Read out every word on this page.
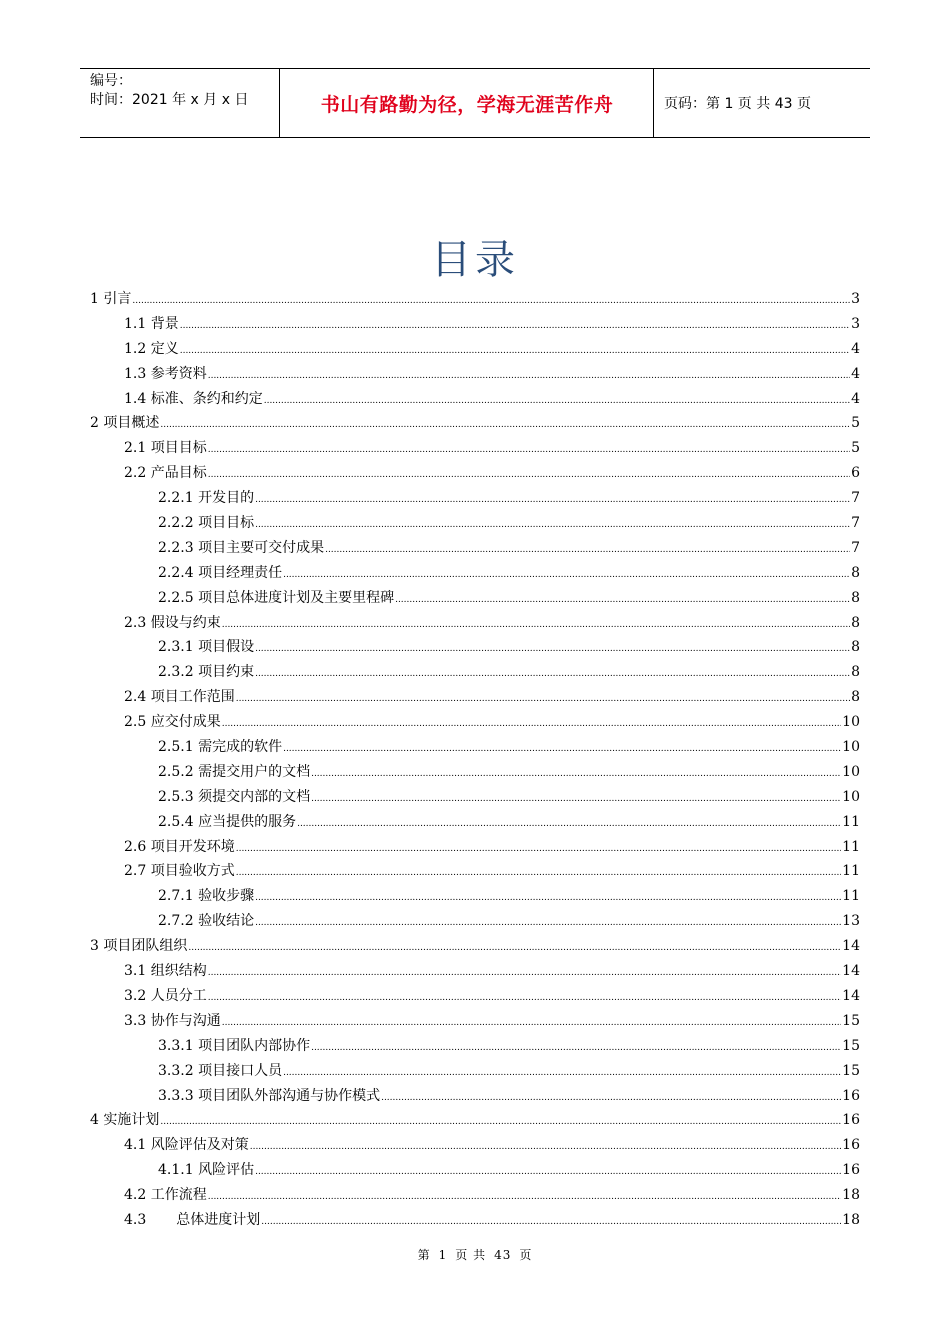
编号：
时间：2021 年 x 月 x 日	书山有路勤为径，学海无涯苦作舟	页码：第 1 页 共 43 页
目录
1 引言 .....	3
1.1 背景 .....	3
1.2 定义 .....	4
1.3 参考资料 .....	4
1.4 标准、条约和约定 .....	4
2 项目概述 .....	5
2.1 项目目标 .....	5
2.2 产品目标 .....	6
2.2.1 开发目的 .....	7
2.2.2 项目目标 .....	7
2.2.3 项目主要可交付成果 .....	7
2.2.4 项目经理责任 .....	8
2.2.5 项目总体进度计划及主要里程碑 .....	8
2.3 假设与约束 .....	8
2.3.1 项目假设 .....	8
2.3.2 项目约束 .....	8
2.4 项目工作范围 .....	8
2.5 应交付成果 .....	10
2.5.1 需完成的软件 .....	10
2.5.2 需提交用户的文档 .....	10
2.5.3 须提交内部的文档 .....	10
2.5.4 应当提供的服务 .....	11
2.6 项目开发环境 .....	11
2.7 项目验收方式 .....	11
2.7.1 验收步骤 .....	11
2.7.2 验收结论 .....	13
3 项目团队组织 .....	14
3.1 组织结构 .....	14
3.2 人员分工 .....	14
3.3 协作与沟通 .....	15
3.3.1 项目团队内部协作 .....	15
3.3.2 项目接口人员 .....	15
3.3.3 项目团队外部沟通与协作模式 .....	16
4 实施计划 .....	16
4.1 风险评估及对策 .....	16
4.1.1 风险评估 .....	16
4.2 工作流程 .....	18
4.3 总体进度计划 .....	18
第 1 页 共 43 页
